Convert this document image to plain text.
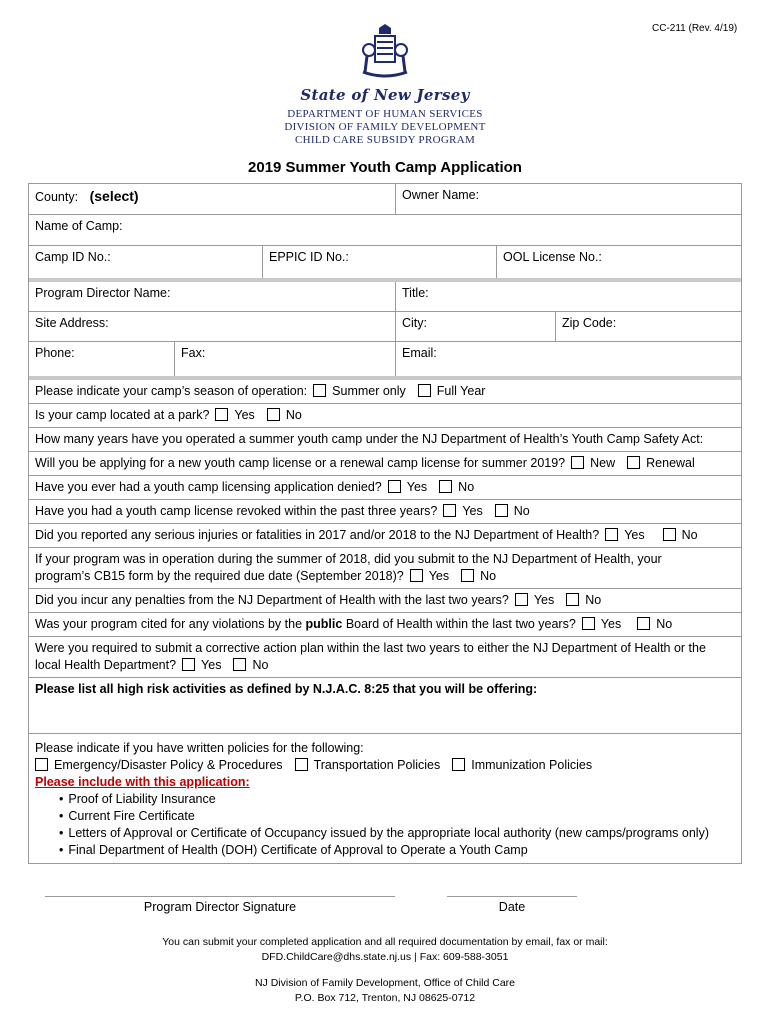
CC-211 (Rev. 4/19)
State of New Jersey
DEPARTMENT OF HUMAN SERVICES
DIVISION OF FAMILY DEVELOPMENT
CHILD CARE SUBSIDY PROGRAM
2019 Summer Youth Camp Application
County: (select)	Owner Name:
Name of Camp:
Camp ID No.:	EPPIC ID No.:	OOL License No.:
Program Director Name:	Title:
Site Address:	City:	Zip Code:
Phone:	Fax:	Email:
Please indicate your camp’s season of operation: Summer only Full Year
Is your camp located at a park? Yes No
How many years have you operated a summer youth camp under the NJ Department of Health’s Youth Camp Safety Act:
Will you be applying for a new youth camp license or a renewal camp license for summer 2019? New Renewal
Have you ever had a youth camp licensing application denied? Yes No
Have you had a youth camp license revoked within the past three years? Yes No
Did you reported any serious injuries or fatalities in 2017 and/or 2018 to the NJ Department of Health? Yes	No
If your program was in operation during the summer of 2018, did you submit to the NJ Department of Health, your
program’s CB15 form by the required due date (September 2018)? Yes No
Did you incur any penalties from the NJ Department of Health with the last two years? Yes No
Was your program cited for any violations by the public Board of Health within the last two years? Yes	No
Were you required to submit a corrective action plan within the last two years to either the NJ Department of Health or the
local Health Department? Yes No
Please list all high risk activities as defined by N.J.A.C. 8:25 that you will be offering:
Please indicate if you have written policies for the following:
Emergency/Disaster Policy & Procedures Transportation Policies Immunization Policies
Please include with this application:
• Proof of Liability Insurance
• Current Fire Certificate
• Letters of Approval or Certificate of Occupancy issued by the appropriate local authority (new camps/programs only)
• Final Department of Health (DOH) Certificate of Approval to Operate a Youth Camp
Program Director Signature	Date
You can submit your completed application and all required documentation by email, fax or mail:
DFD.ChildCare@dhs.state.nj.us | Fax: 609-588-3051
NJ Division of Family Development, Office of Child Care
P.O. Box 712, Trenton, NJ 08625-0712
